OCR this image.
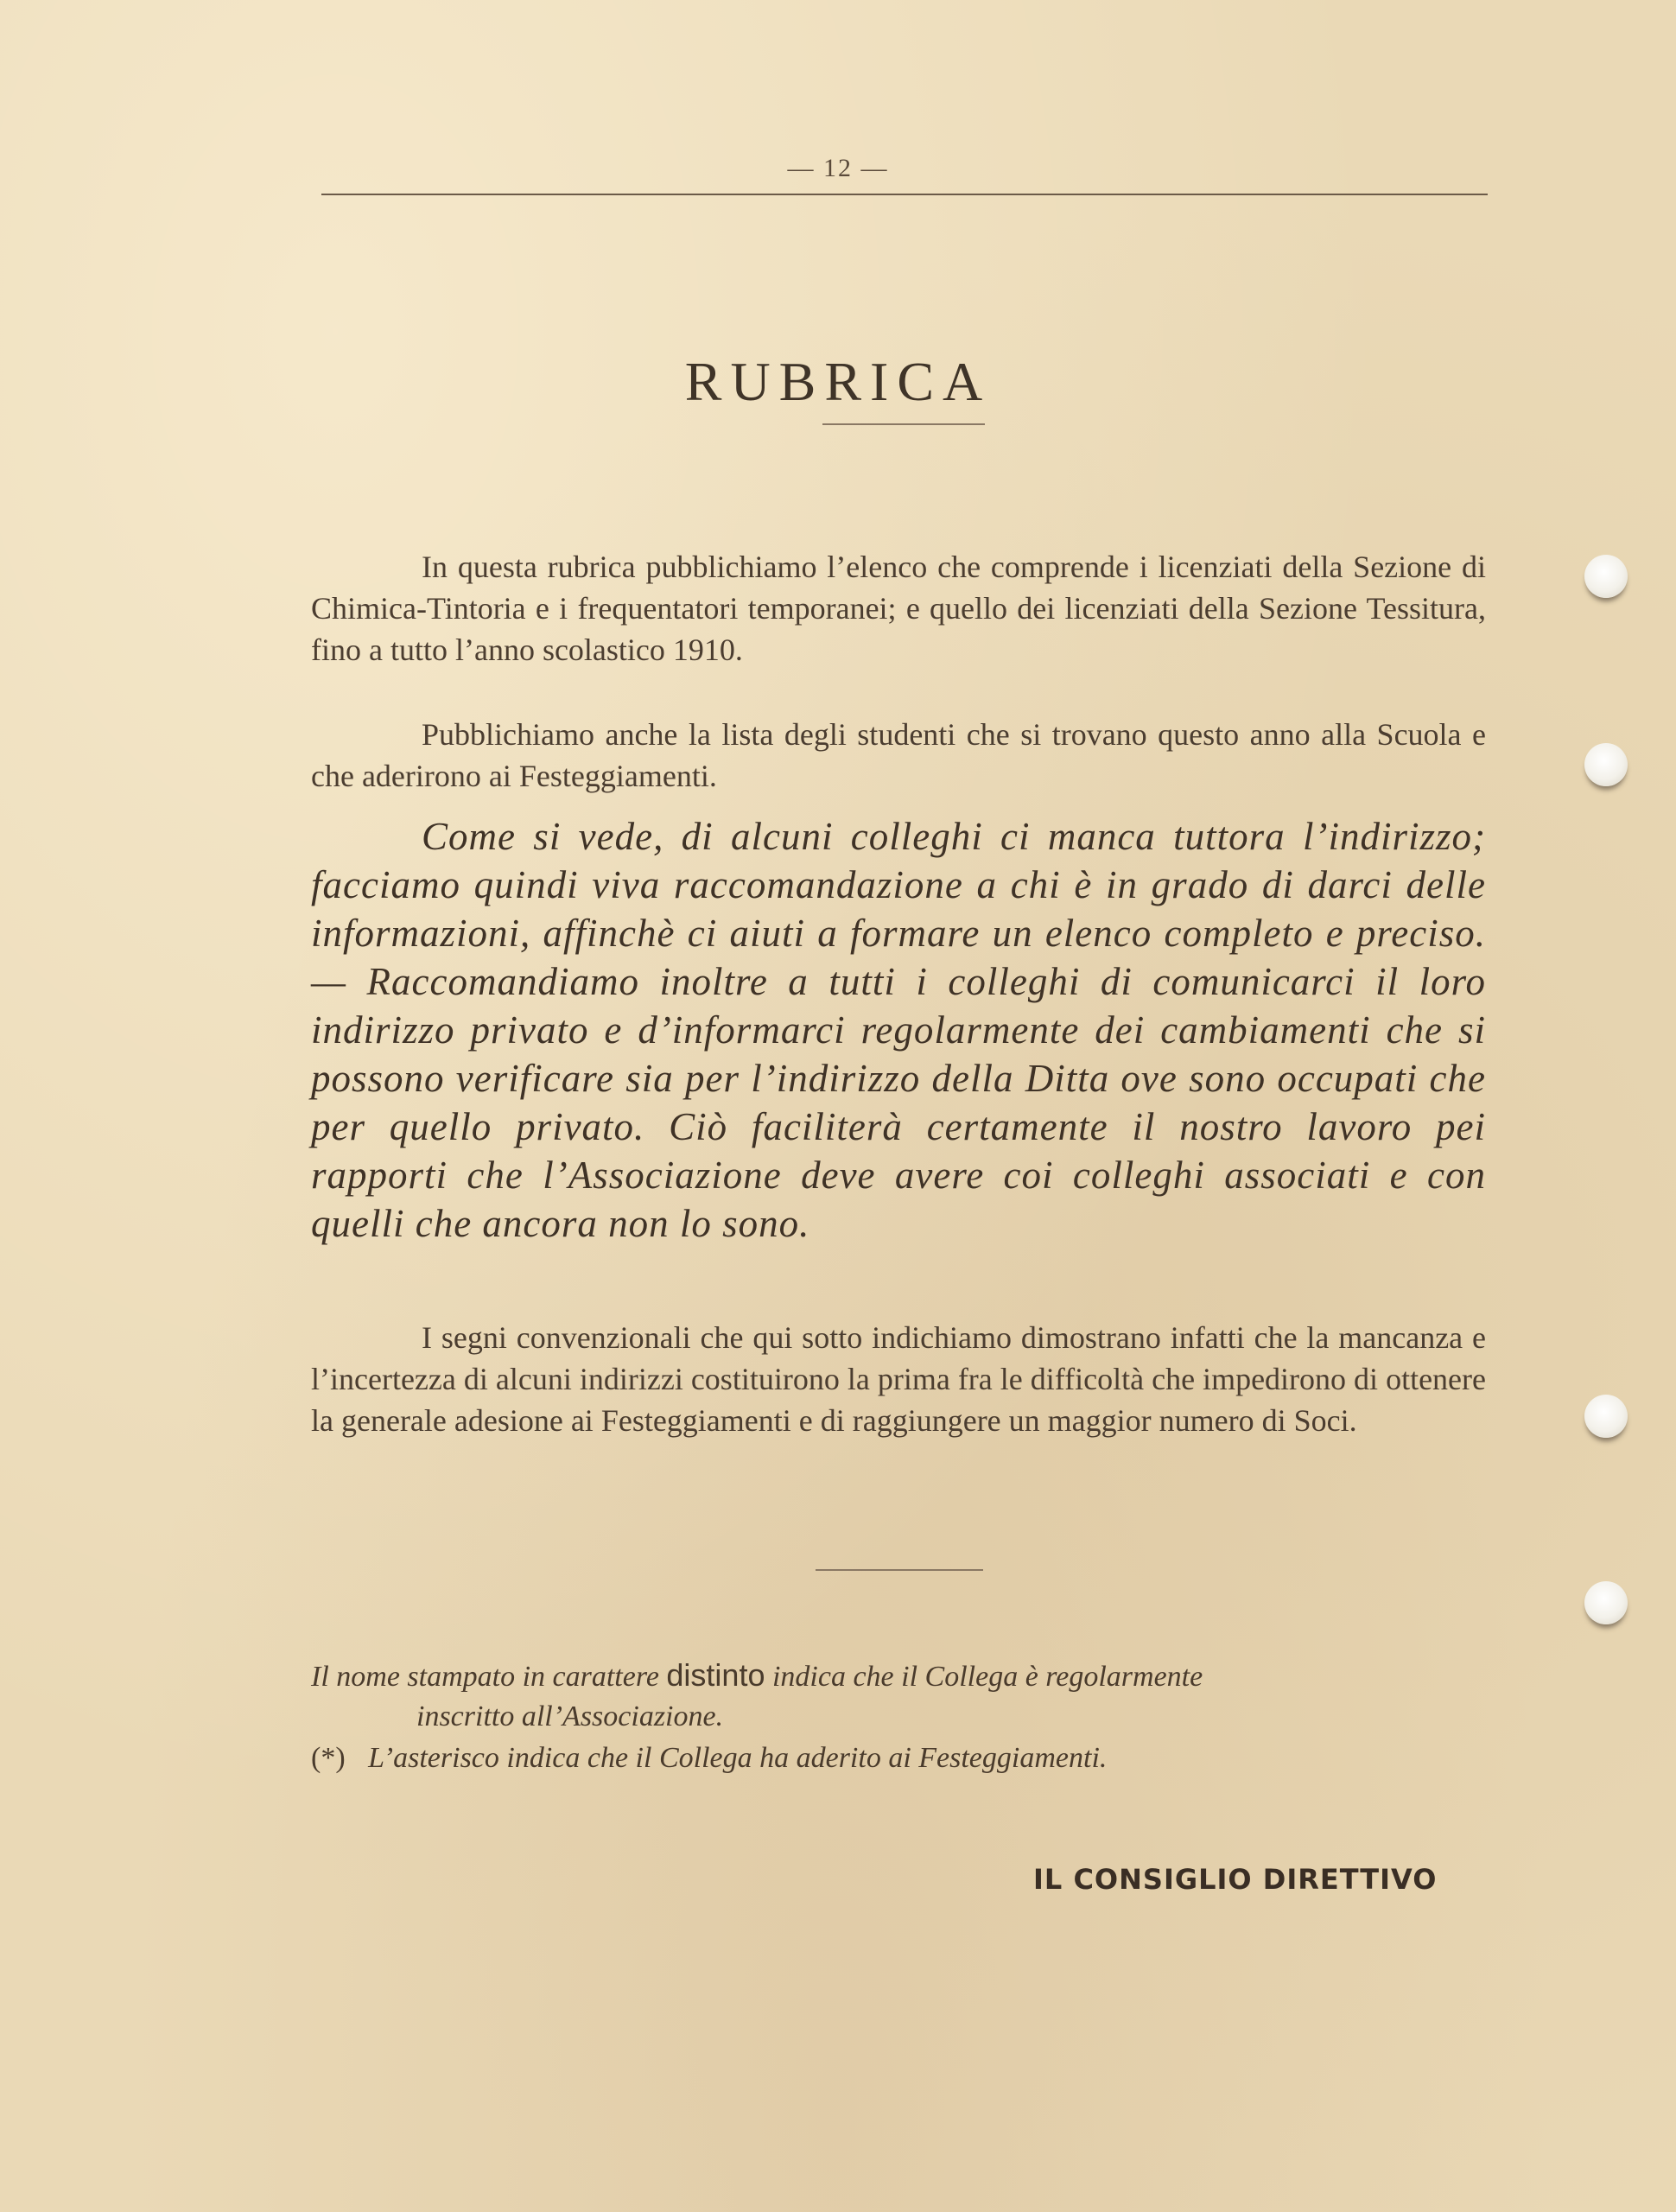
— 12 —
RUBRICA

In questa rubrica pubblichiamo l’elenco che comprende i licenziati della Sezione di Chimica-Tintoria e i frequentatori temporanei; e quello dei licenziati della Sezione Tessitura, fino a tutto l’anno scolastico 1910.

Pubblichiamo anche la lista degli studenti che si trovano questo anno alla Scuola e che aderirono ai Festeggiamenti.

Come si vede, di alcuni colleghi ci manca tuttora l’indirizzo; facciamo quindi viva raccomandazione a chi è in grado di darci delle informazioni, affinchè ci aiuti a formare un elenco completo e preciso. — Raccomandiamo inoltre a tutti i colleghi di comunicarci il loro indirizzo privato e d’informarci regolarmente dei cambiamenti che si possono verificare sia per l’indirizzo della Ditta ove sono occupati che per quello privato. Ciò faciliterà certamente il nostro lavoro pei rapporti che l’Associazione deve avere coi colleghi associati e con quelli che ancora non lo sono.

I segni convenzionali che qui sotto indichiamo dimostrano infatti che la mancanza e l’incertezza di alcuni indirizzi costituirono la prima fra le difficoltà che impedirono di ottenere la generale adesione ai Festeggiamenti e di raggiungere un maggior numero di Soci.

Il nome stampato in carattere distinto indica che il Collega è regolarmente
inscritto all’Associazione.
(*) L’asterisco indica che il Collega ha aderito ai Festeggiamenti.
IL CONSIGLIO DIRETTIVO
